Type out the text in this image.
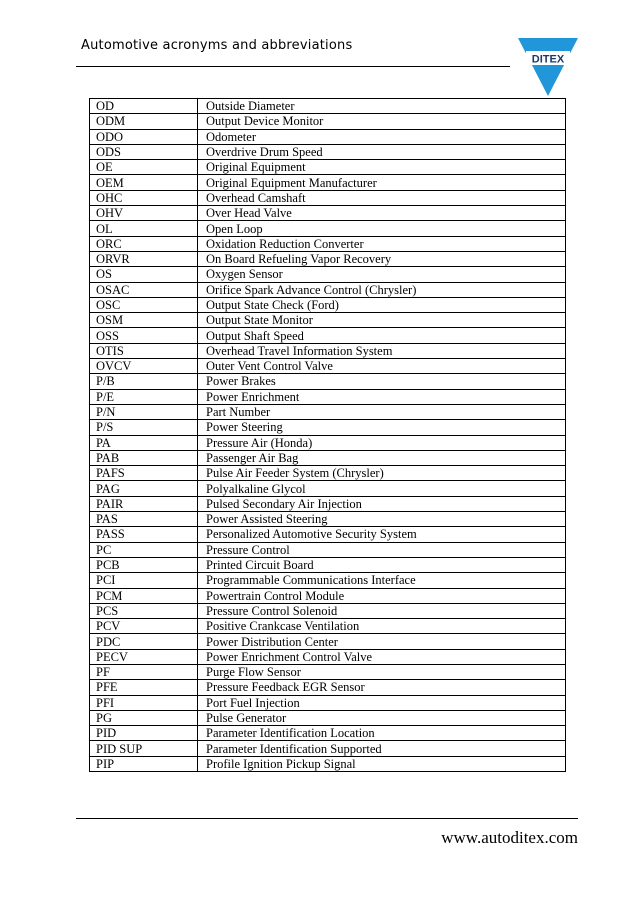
Automotive acronyms and abbreviations
DITEX
OD	Outside Diameter
ODM	Output Device Monitor
ODO	Odometer
ODS	Overdrive Drum Speed
OE	Original Equipment
OEM	Original Equipment Manufacturer
OHC	Overhead Camshaft
OHV	Over Head Valve
OL	Open Loop
ORC	Oxidation Reduction Converter
ORVR	On Board Refueling Vapor Recovery
OS	Oxygen Sensor
OSAC	Orifice Spark Advance Control (Chrysler)
OSC	Output State Check (Ford)
OSM	Output State Monitor
OSS	Output Shaft Speed
OTIS	Overhead Travel Information System
OVCV	Outer Vent Control Valve
P/B	Power Brakes
P/E	Power Enrichment
P/N	Part Number
P/S	Power Steering
PA	Pressure Air (Honda)
PAB	Passenger Air Bag
PAFS	Pulse Air Feeder System (Chrysler)
PAG	Polyalkaline Glycol
PAIR	Pulsed Secondary Air Injection
PAS	Power Assisted Steering
PASS	Personalized Automotive Security System
PC	Pressure Control
PCB	Printed Circuit Board
PCI	Programmable Communications Interface
PCM	Powertrain Control Module
PCS	Pressure Control Solenoid
PCV	Positive Crankcase Ventilation
PDC	Power Distribution Center
PECV	Power Enrichment Control Valve
PF	Purge Flow Sensor
PFE	Pressure Feedback EGR Sensor
PFI	Port Fuel Injection
PG	Pulse Generator
PID	Parameter Identification Location
PID SUP	Parameter Identification Supported
PIP	Profile Ignition Pickup Signal
www.autoditex.com
